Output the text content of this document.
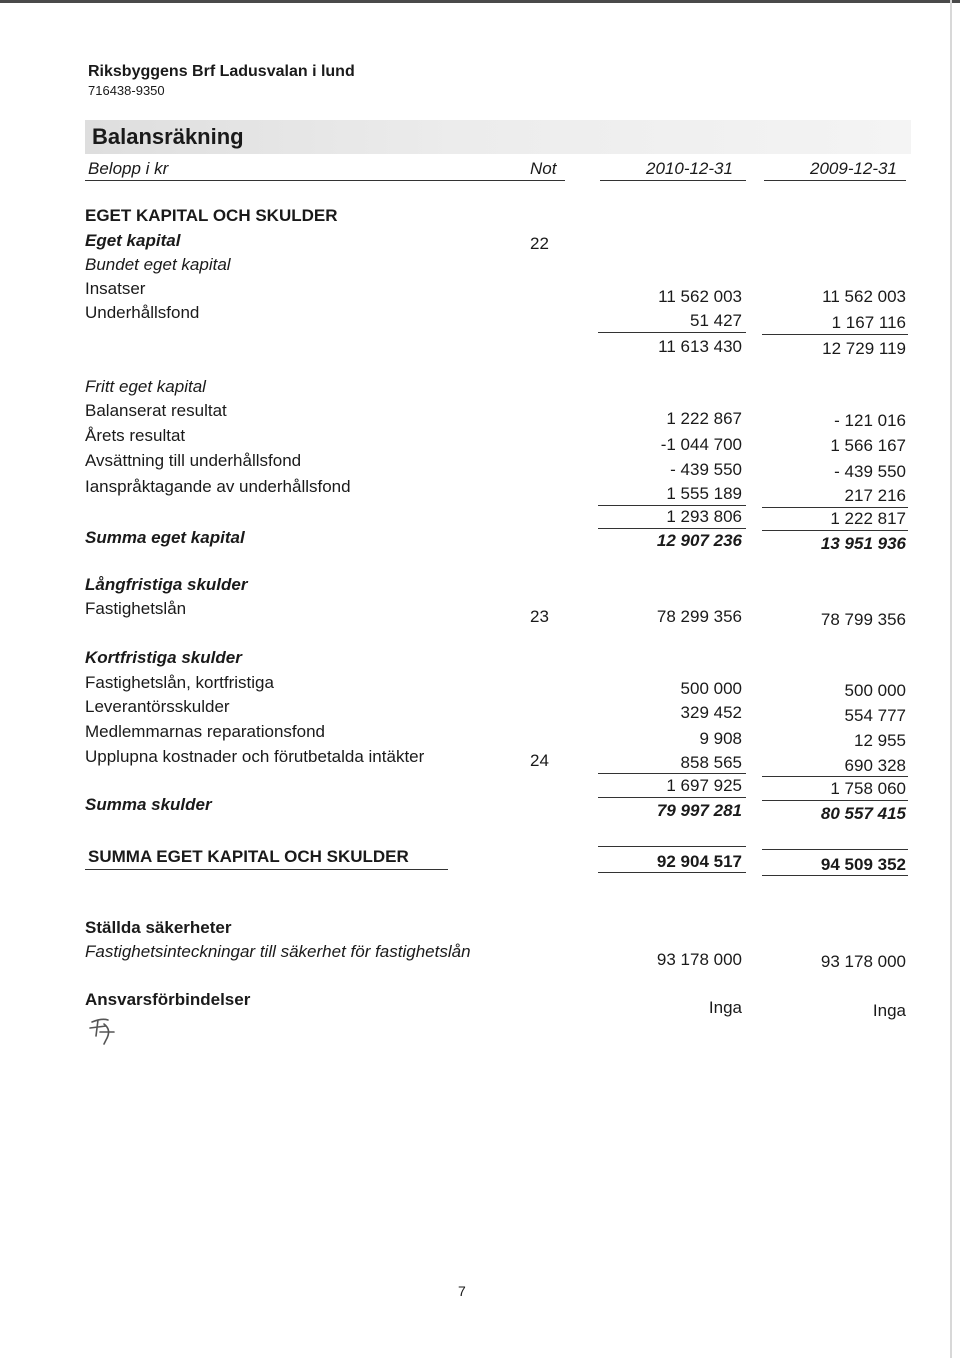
Riksbyggens Brf Ladusvalan i lund
716438-9350
Balansräkning
Belopp i kr	Not	2010-12-31	2009-12-31
EGET KAPITAL OCH SKULDER
Eget kapital	22
Bundet eget kapital
Insatser	11 562 003	11 562 003
Underhållsfond	51 427	1 167 116
11 613 430	12 729 119
Fritt eget kapital
Balanserat resultat	1 222 867	- 121 016
Årets resultat	-1 044 700	1 566 167
Avsättning till underhållsfond	- 439 550	- 439 550
Ianspråktagande av underhållsfond	1 555 189	217 216
1 293 806	1 222 817
Summa eget kapital	12 907 236	13 951 936
Långfristiga skulder
Fastighetslån	23	78 299 356	78 799 356
Kortfristiga skulder
Fastighetslån, kortfristiga	500 000	500 000
Leverantörsskulder	329 452	554 777
Medlemmarnas reparationsfond	9 908	12 955
Upplupna kostnader och förutbetalda intäkter	24	858 565	690 328
1 697 925	1 758 060
Summa skulder	79 997 281	80 557 415
SUMMA EGET KAPITAL OCH SKULDER	92 904 517	94 509 352
Ställda säkerheter
Fastighetsinteckningar till säkerhet för fastighetslån	93 178 000	93 178 000
Ansvarsförbindelser	Inga	Inga
7
